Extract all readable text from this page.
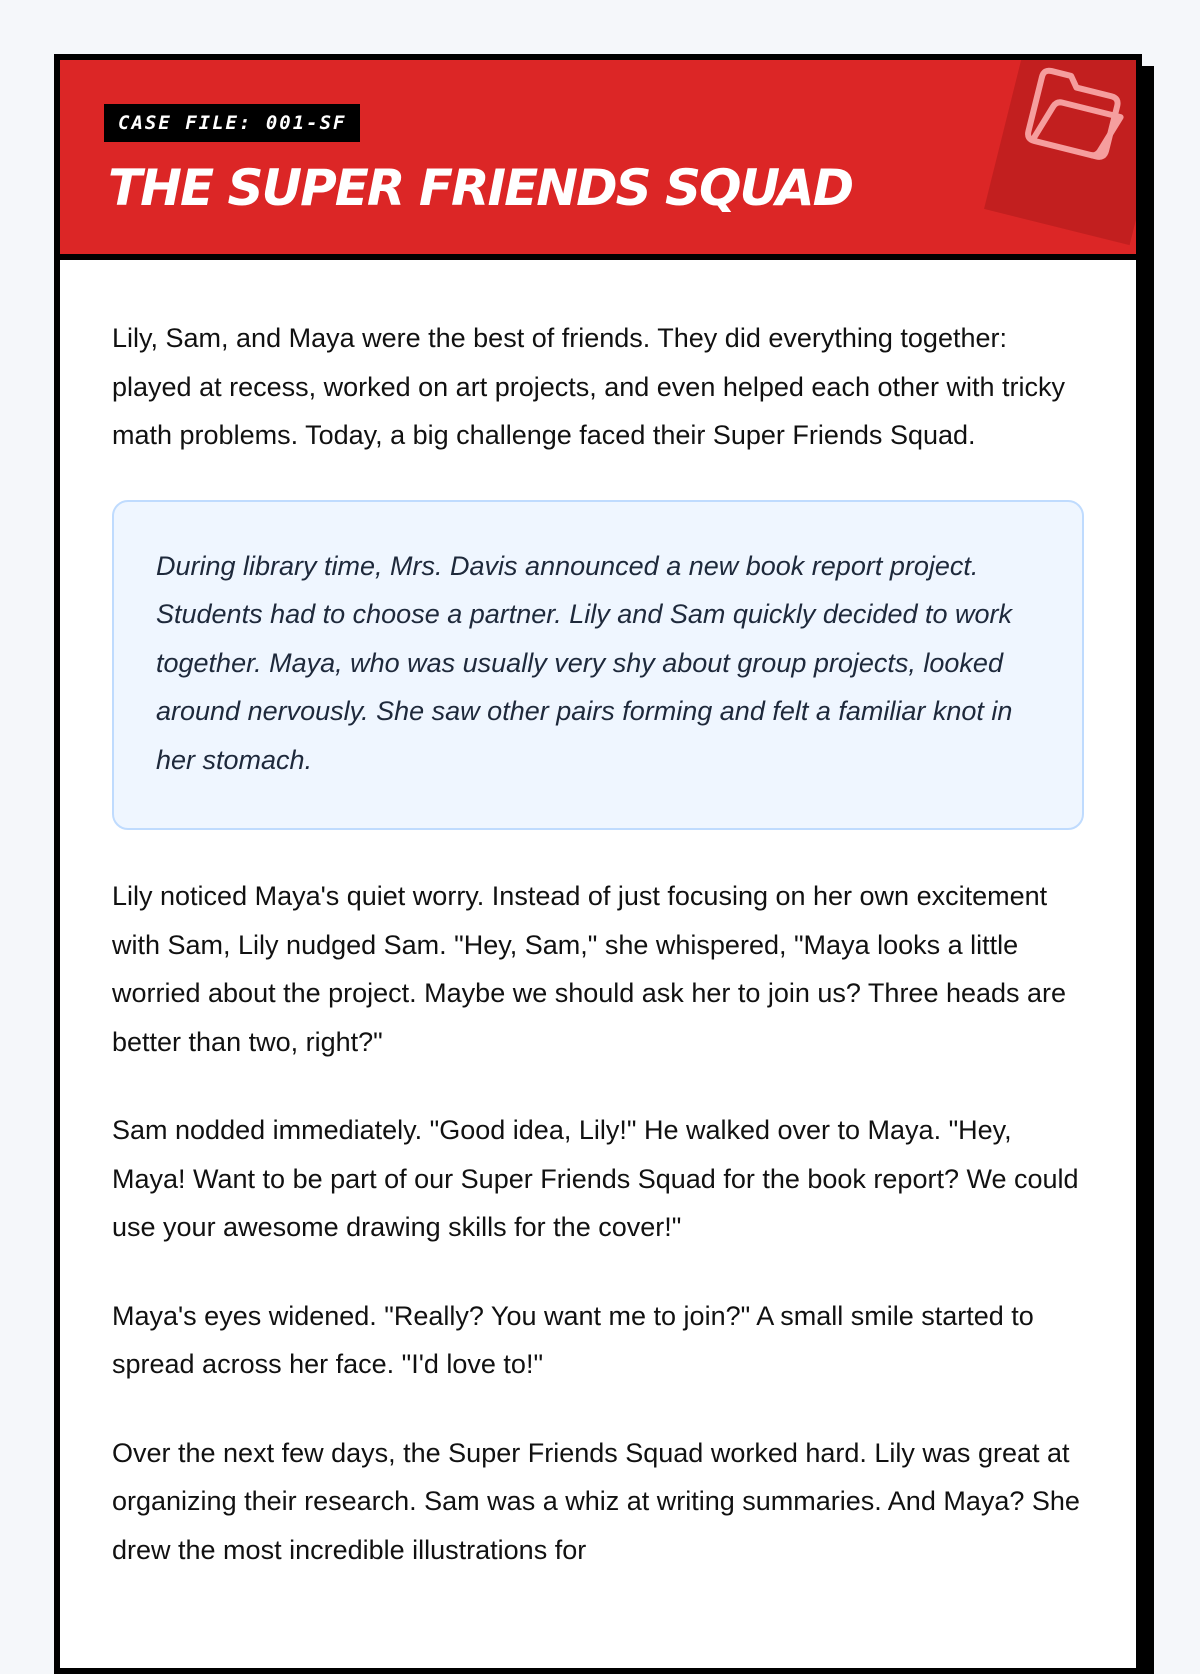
CASE FILE: 001-SF
THE SUPER FRIENDS SQUAD

Lily, Sam, and Maya were the best of friends. They did everything together: played at recess, worked on art projects, and even helped each other with tricky math problems. Today, a big challenge faced their Super Friends Squad.

During library time, Mrs. Davis announced a new book report project. Students had to choose a partner. Lily and Sam quickly decided to work together. Maya, who was usually very shy about group projects, looked around nervously. She saw other pairs forming and felt a familiar knot in her stomach.

Lily noticed Maya's quiet worry. Instead of just focusing on her own excitement with Sam, Lily nudged Sam. "Hey, Sam," she whispered, "Maya looks a little worried about the project. Maybe we should ask her to join us? Three heads are better than two, right?"

Sam nodded immediately. "Good idea, Lily!" He walked over to Maya. "Hey, Maya! Want to be part of our Super Friends Squad for the book report? We could use your awesome drawing skills for the cover!"

Maya's eyes widened. "Really? You want me to join?" A small smile started to spread across her face. "I'd love to!"

Over the next few days, the Super Friends Squad worked hard. Lily was great at organizing their research. Sam was a whiz at writing summaries. And Maya? She drew the most incredible illustrations for
